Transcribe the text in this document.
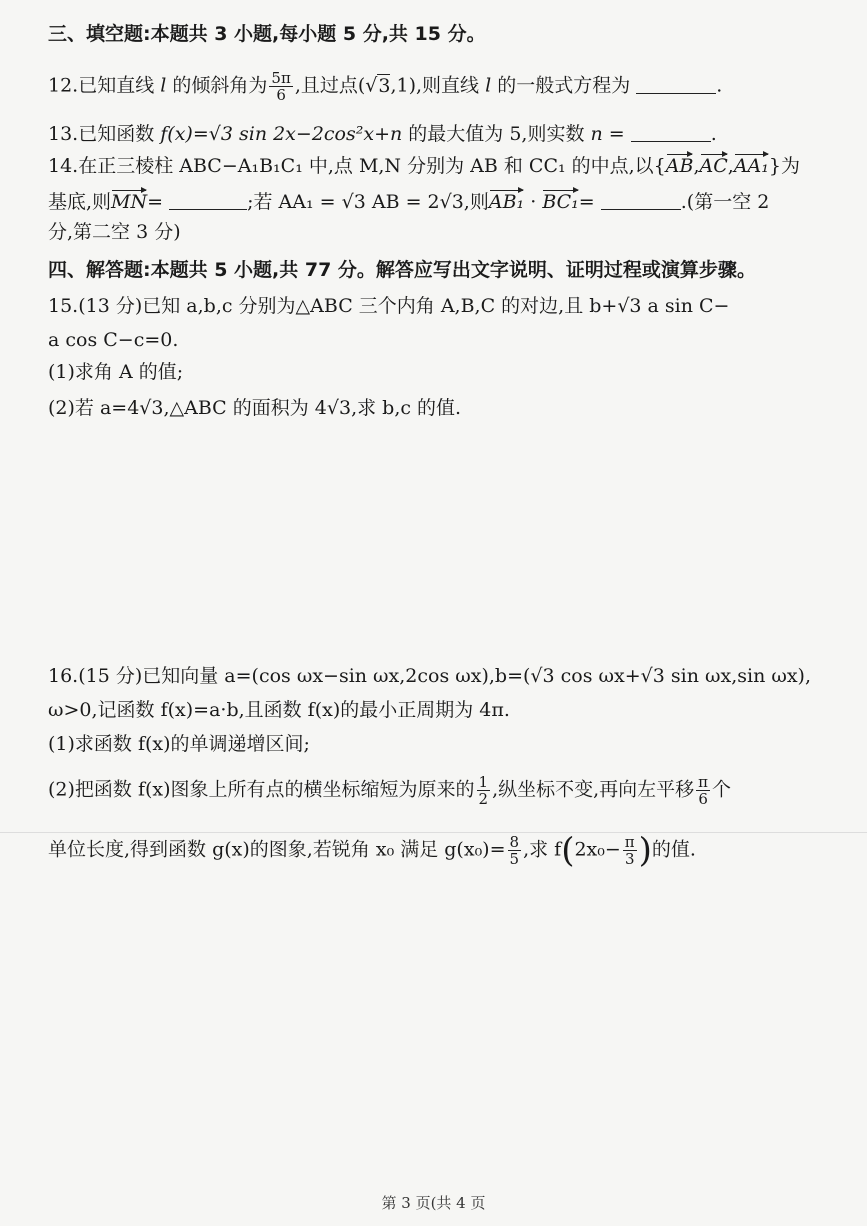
三、填空题:本题共 3 小题,每小题 5 分,共 15 分。
12.已知直线 l 的倾斜角为 $\frac{5\pi}{6}$ ,且过点(√3,1),则直线 l 的一般式方程为	.
13.已知函数 f(x)=√3 sin 2x−2cos²x+n 的最大值为 5,则实数 n =	.
14.在正三棱柱 ABC−A₁B₁C₁ 中,点 M,N 分别为 AB 和 CC₁ 的中点,以{AB,AC,AA₁}为
基底,则MN=	;若 AA₁ = √3 AB = 2√3,则AB₁ · BC₁=	.(第一空 2
分,第二空 3 分)
四、解答题:本题共 5 小题,共 77 分。解答应写出文字说明、证明过程或演算步骤。
15.(13 分)已知 a,b,c 分别为△ABC 三个内角 A,B,C 的对边,且 b+√3 a sin C−
a cos C−c=0.
(1)求角 A 的值;
(2)若 a=4√3,△ABC 的面积为 4√3,求 b,c 的值.
16.(15 分)已知向量 a=(cos ωx−sin ωx,2cos ωx),b=(√3 cos ωx+√3 sin ωx,sin ωx),
ω>0,记函数 f(x)=a·b,且函数 f(x)的最小正周期为 4π.
(1)求函数 f(x)的单调递增区间;
(2)把函数 f(x)图象上所有点的横坐标缩短为原来的 $\frac{1}{2}$ ,纵坐标不变,再向左平移 $\frac{\pi}{6}$ 个
单位长度,得到函数 g(x)的图象,若锐角 x₀ 满足 $g(x_0)= \frac{8}{5}$ ,求 $f(2x_0- \frac{\pi}{3}$ )的值.
第 3 页(共 4 页
